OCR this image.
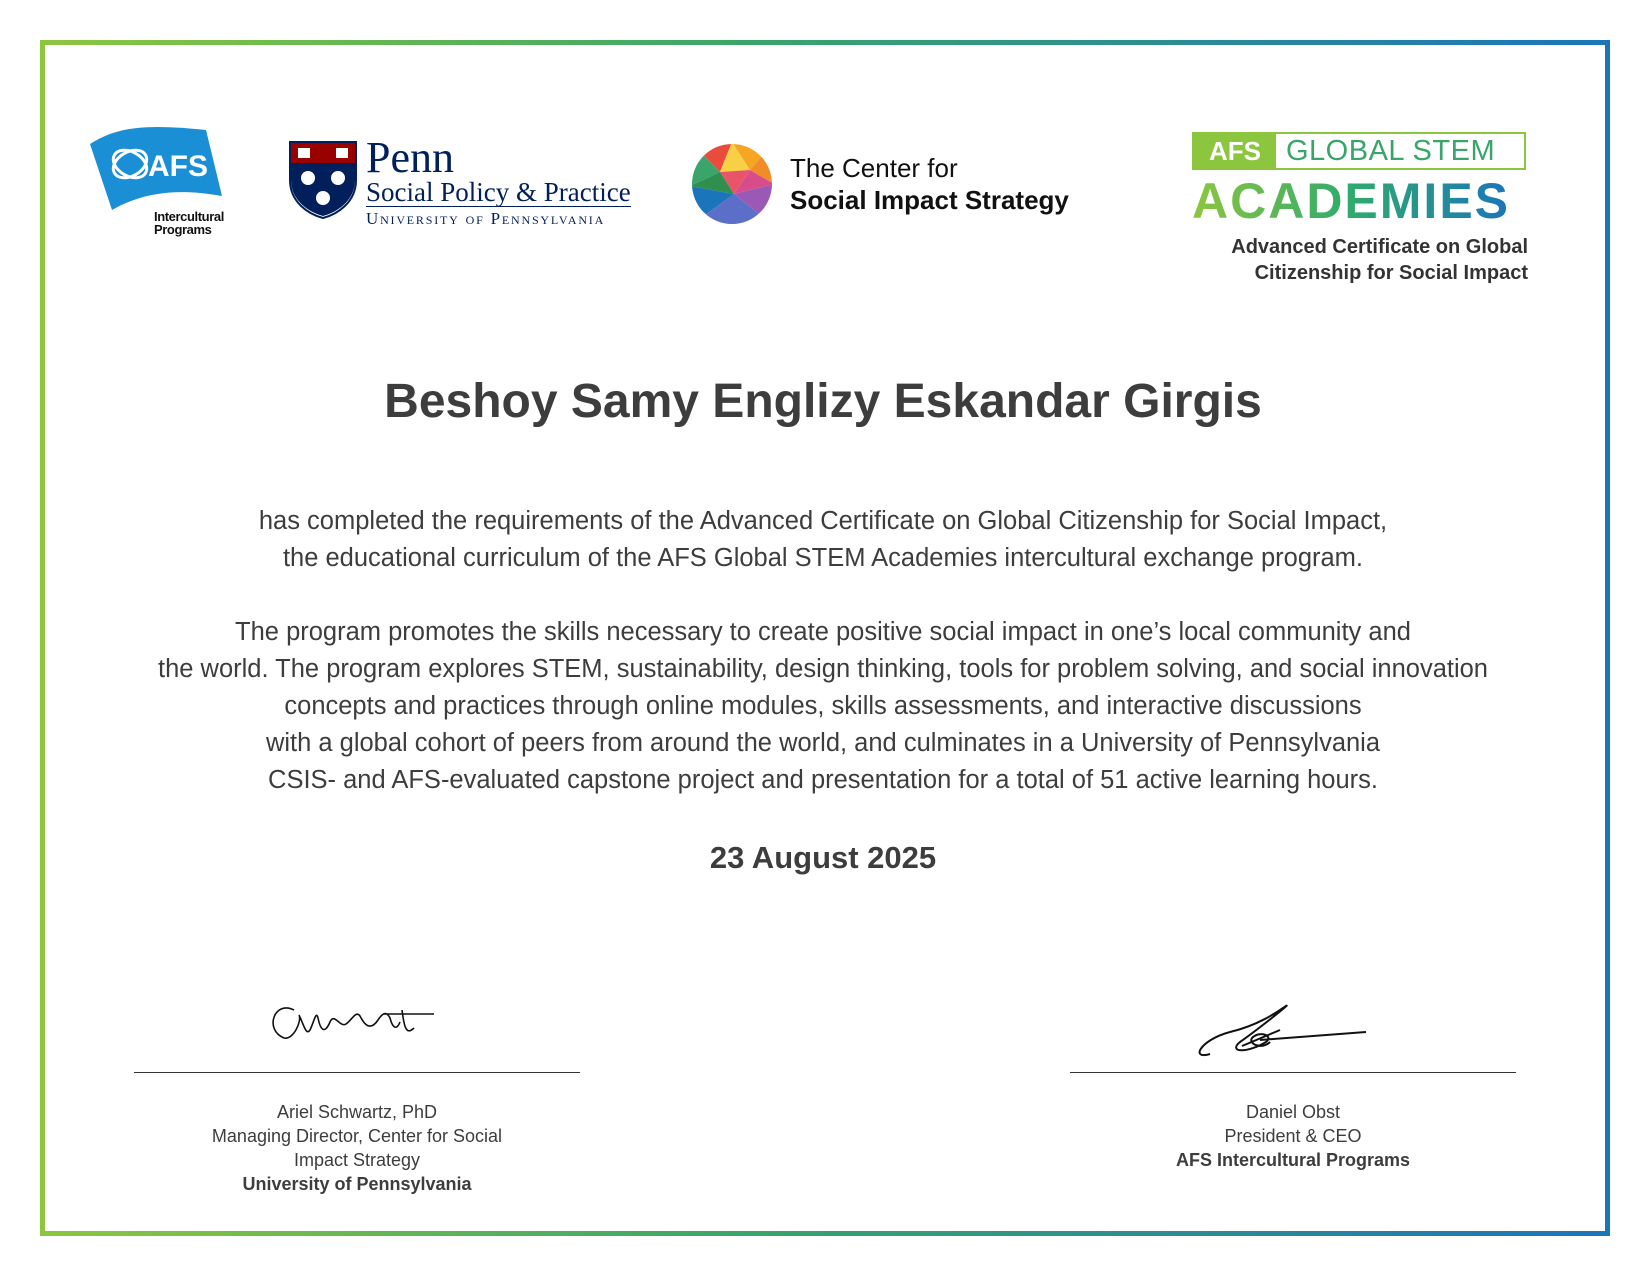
AFS
Intercultural
Programs
Penn
Social Policy & Practice
University of Pennsylvania
The Center for
Social Impact Strategy
AFS GLOBAL STEM
ACADEMIES
Advanced Certificate on Global
Citizenship for Social Impact
Beshoy Samy Englizy Eskandar Girgis
has completed the requirements of the Advanced Certificate on Global Citizenship for Social Impact,
the educational curriculum of the AFS Global STEM Academies intercultural exchange program.
The program promotes the skills necessary to create positive social impact in one’s local community and
the world. The program explores STEM, sustainability, design thinking, tools for problem solving, and social innovation
concepts and practices through online modules, skills assessments, and interactive discussions
with a global cohort of peers from around the world, and culminates in a University of Pennsylvania
CSIS- and AFS-evaluated capstone project and presentation for a total of 51 active learning hours.
23 August 2025
Ariel Schwartz, PhD
Managing Director, Center for Social
Impact Strategy
University of Pennsylvania
Daniel Obst
President & CEO
AFS Intercultural Programs
